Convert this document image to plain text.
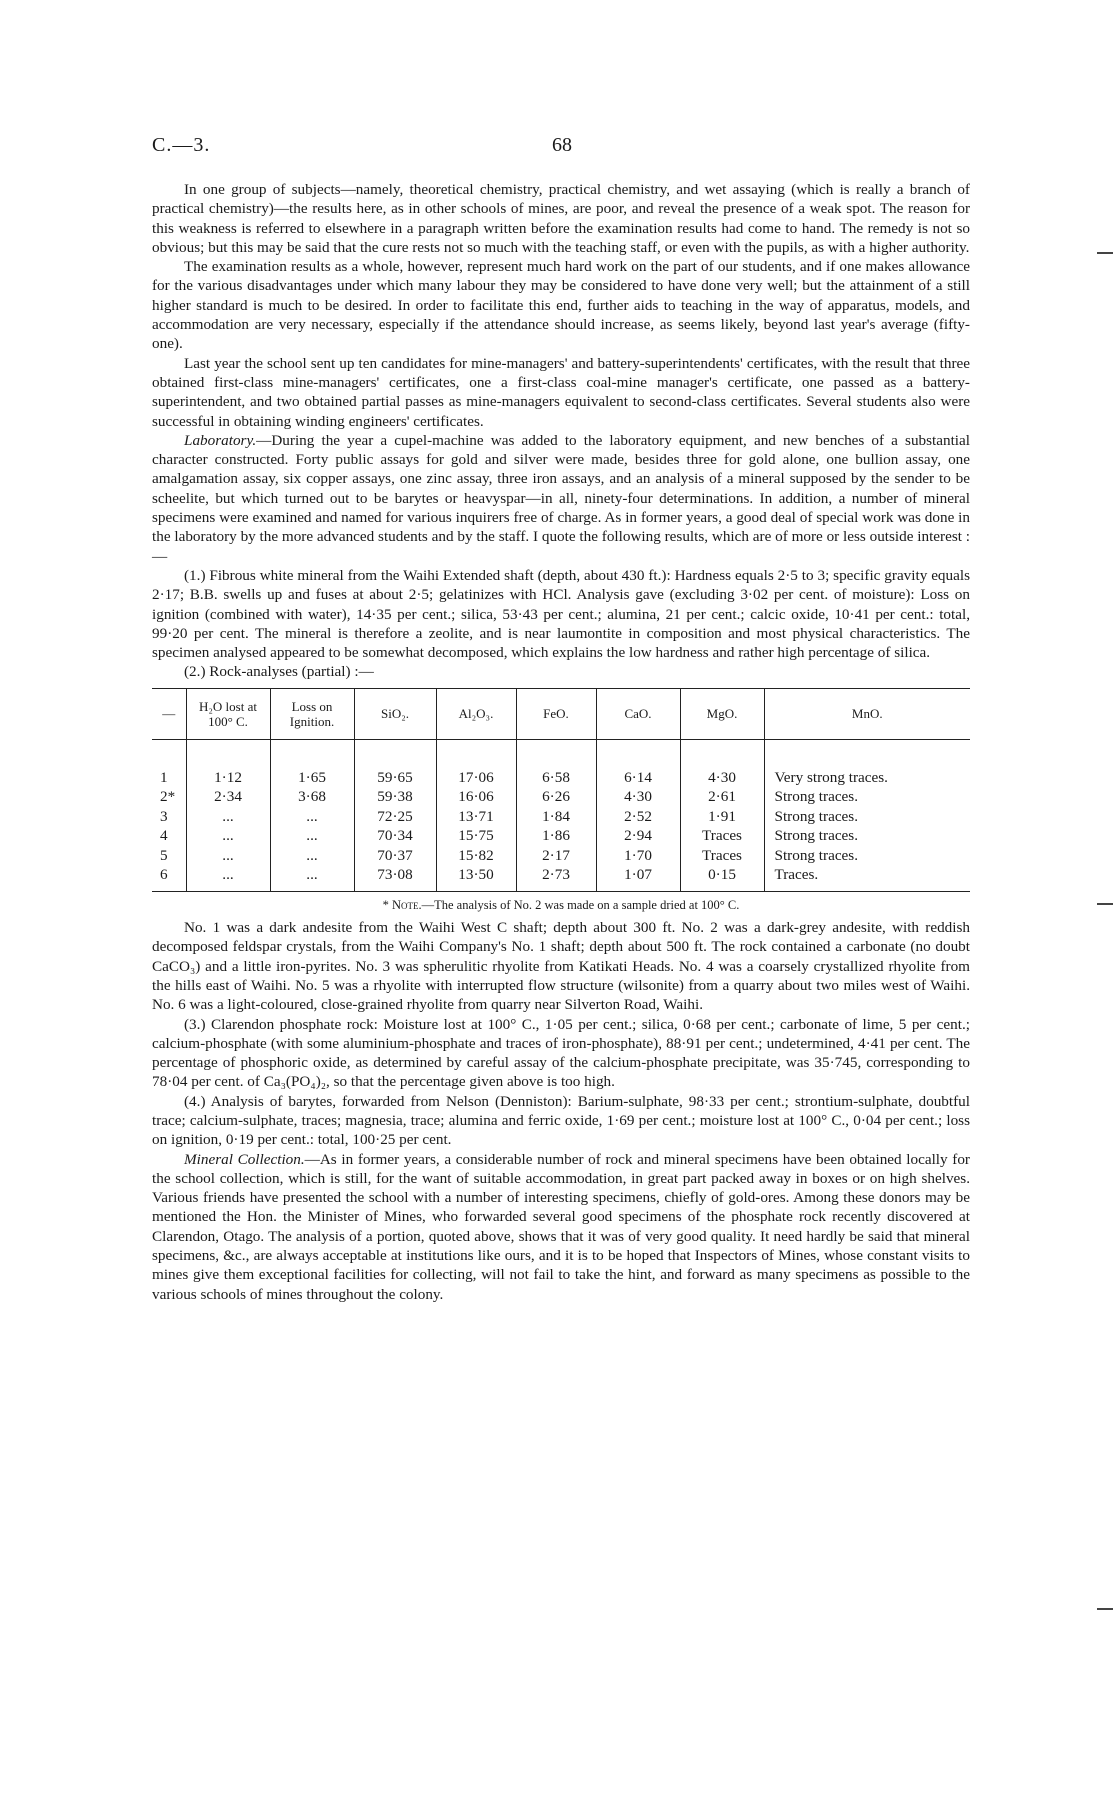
C.—3.	68

In one group of subjects—namely, theoretical chemistry, practical chemistry, and wet assaying (which is really a branch of practical chemistry)—the results here, as in other schools of mines, are poor, and reveal the presence of a weak spot. The reason for this weakness is referred to elsewhere in a paragraph written before the examination results had come to hand. The remedy is not so obvious; but this may be said that the cure rests not so much with the teaching staff, or even with the pupils, as with a higher authority.

The examination results as a whole, however, represent much hard work on the part of our students, and if one makes allowance for the various disadvantages under which many labour they may be considered to have done very well; but the attainment of a still higher standard is much to be desired. In order to facilitate this end, further aids to teaching in the way of apparatus, models, and accommodation are very necessary, especially if the attendance should increase, as seems likely, beyond last year's average (fifty-one).

Last year the school sent up ten candidates for mine-managers' and battery-superintendents' certificates, with the result that three obtained first-class mine-managers' certificates, one a first-class coal-mine manager's certificate, one passed as a battery-superintendent, and two obtained partial passes as mine-managers equivalent to second-class certificates. Several students also were successful in obtaining winding engineers' certificates.

Laboratory.—During the year a cupel-machine was added to the laboratory equipment, and new benches of a substantial character constructed. Forty public assays for gold and silver were made, besides three for gold alone, one bullion assay, one amalgamation assay, six copper assays, one zinc assay, three iron assays, and an analysis of a mineral supposed by the sender to be scheelite, but which turned out to be barytes or heavyspar—in all, ninety-four determinations. In addition, a number of mineral specimens were examined and named for various inquirers free of charge. As in former years, a good deal of special work was done in the laboratory by the more advanced students and by the staff. I quote the following results, which are of more or less outside interest :—

(1.) Fibrous white mineral from the Waihi Extended shaft (depth, about 430 ft.): Hardness equals 2·5 to 3; specific gravity equals 2·17; B.B. swells up and fuses at about 2·5; gelatinizes with HCl. Analysis gave (excluding 3·02 per cent. of moisture): Loss on ignition (combined with water), 14·35 per cent.; silica, 53·43 per cent.; alumina, 21 per cent.; calcic oxide, 10·41 per cent.: total, 99·20 per cent. The mineral is therefore a zeolite, and is near laumontite in composition and most physical characteristics. The specimen analysed appeared to be somewhat decomposed, which explains the low hardness and rather high percentage of silica.

(2.) Rock-analyses (partial) :—

—	H₂O lost at 100° C.	Loss on Ignition.	SiO₂.	Al₂O₃.	FeO.	CaO.	MgO.	MnO.

1	1·12	1·65	59·65	17·06	6·58	6·14	4·30	Very strong traces.
2*	2·34	3·68	59·38	16·06	6·26	4·30	2·61	Strong traces.
3	...	...	72·25	13·71	1·84	2·52	1·91	Strong traces.
4	...	...	70·34	15·75	1·86	2·94	Traces	Strong traces.
5	...	...	70·37	15·82	2·17	1·70	Traces	Strong traces.
6	...	...	73·08	13·50	2·73	1·07	0·15	Traces.
* Note.—The analysis of No. 2 was made on a sample dried at 100° C.

No. 1 was a dark andesite from the Waihi West C shaft; depth about 300 ft. No. 2 was a dark-grey andesite, with reddish decomposed feldspar crystals, from the Waihi Company's No. 1 shaft; depth about 500 ft. The rock contained a carbonate (no doubt CaCO₃) and a little iron-pyrites. No. 3 was spherulitic rhyolite from Katikati Heads. No. 4 was a coarsely crystallized rhyolite from the hills east of Waihi. No. 5 was a rhyolite with interrupted flow structure (wilsonite) from a quarry about two miles west of Waihi. No. 6 was a light-coloured, close-grained rhyolite from quarry near Silverton Road, Waihi.

(3.) Clarendon phosphate rock: Moisture lost at 100° C., 1·05 per cent.; silica, 0·68 per cent.; carbonate of lime, 5 per cent.; calcium-phosphate (with some aluminium-phosphate and traces of iron-phosphate), 88·91 per cent.; undetermined, 4·41 per cent. The percentage of phosphoric oxide, as determined by careful assay of the calcium-phosphate precipitate, was 35·745, corresponding to 78·04 per cent. of Ca₃(PO₄)₂, so that the percentage given above is too high.

(4.) Analysis of barytes, forwarded from Nelson (Denniston): Barium-sulphate, 98·33 per cent.; strontium-sulphate, doubtful trace; calcium-sulphate, traces; magnesia, trace; alumina and ferric oxide, 1·69 per cent.; moisture lost at 100° C., 0·04 per cent.; loss on ignition, 0·19 per cent.: total, 100·25 per cent.

Mineral Collection.—As in former years, a considerable number of rock and mineral specimens have been obtained locally for the school collection, which is still, for the want of suitable accommodation, in great part packed away in boxes or on high shelves. Various friends have presented the school with a number of interesting specimens, chiefly of gold-ores. Among these donors may be mentioned the Hon. the Minister of Mines, who forwarded several good specimens of the phosphate rock recently discovered at Clarendon, Otago. The analysis of a portion, quoted above, shows that it was of very good quality. It need hardly be said that mineral specimens, &c., are always acceptable at institutions like ours, and it is to be hoped that Inspectors of Mines, whose constant visits to mines give them exceptional facilities for collecting, will not fail to take the hint, and forward as many specimens as possible to the various schools of mines throughout the colony.
